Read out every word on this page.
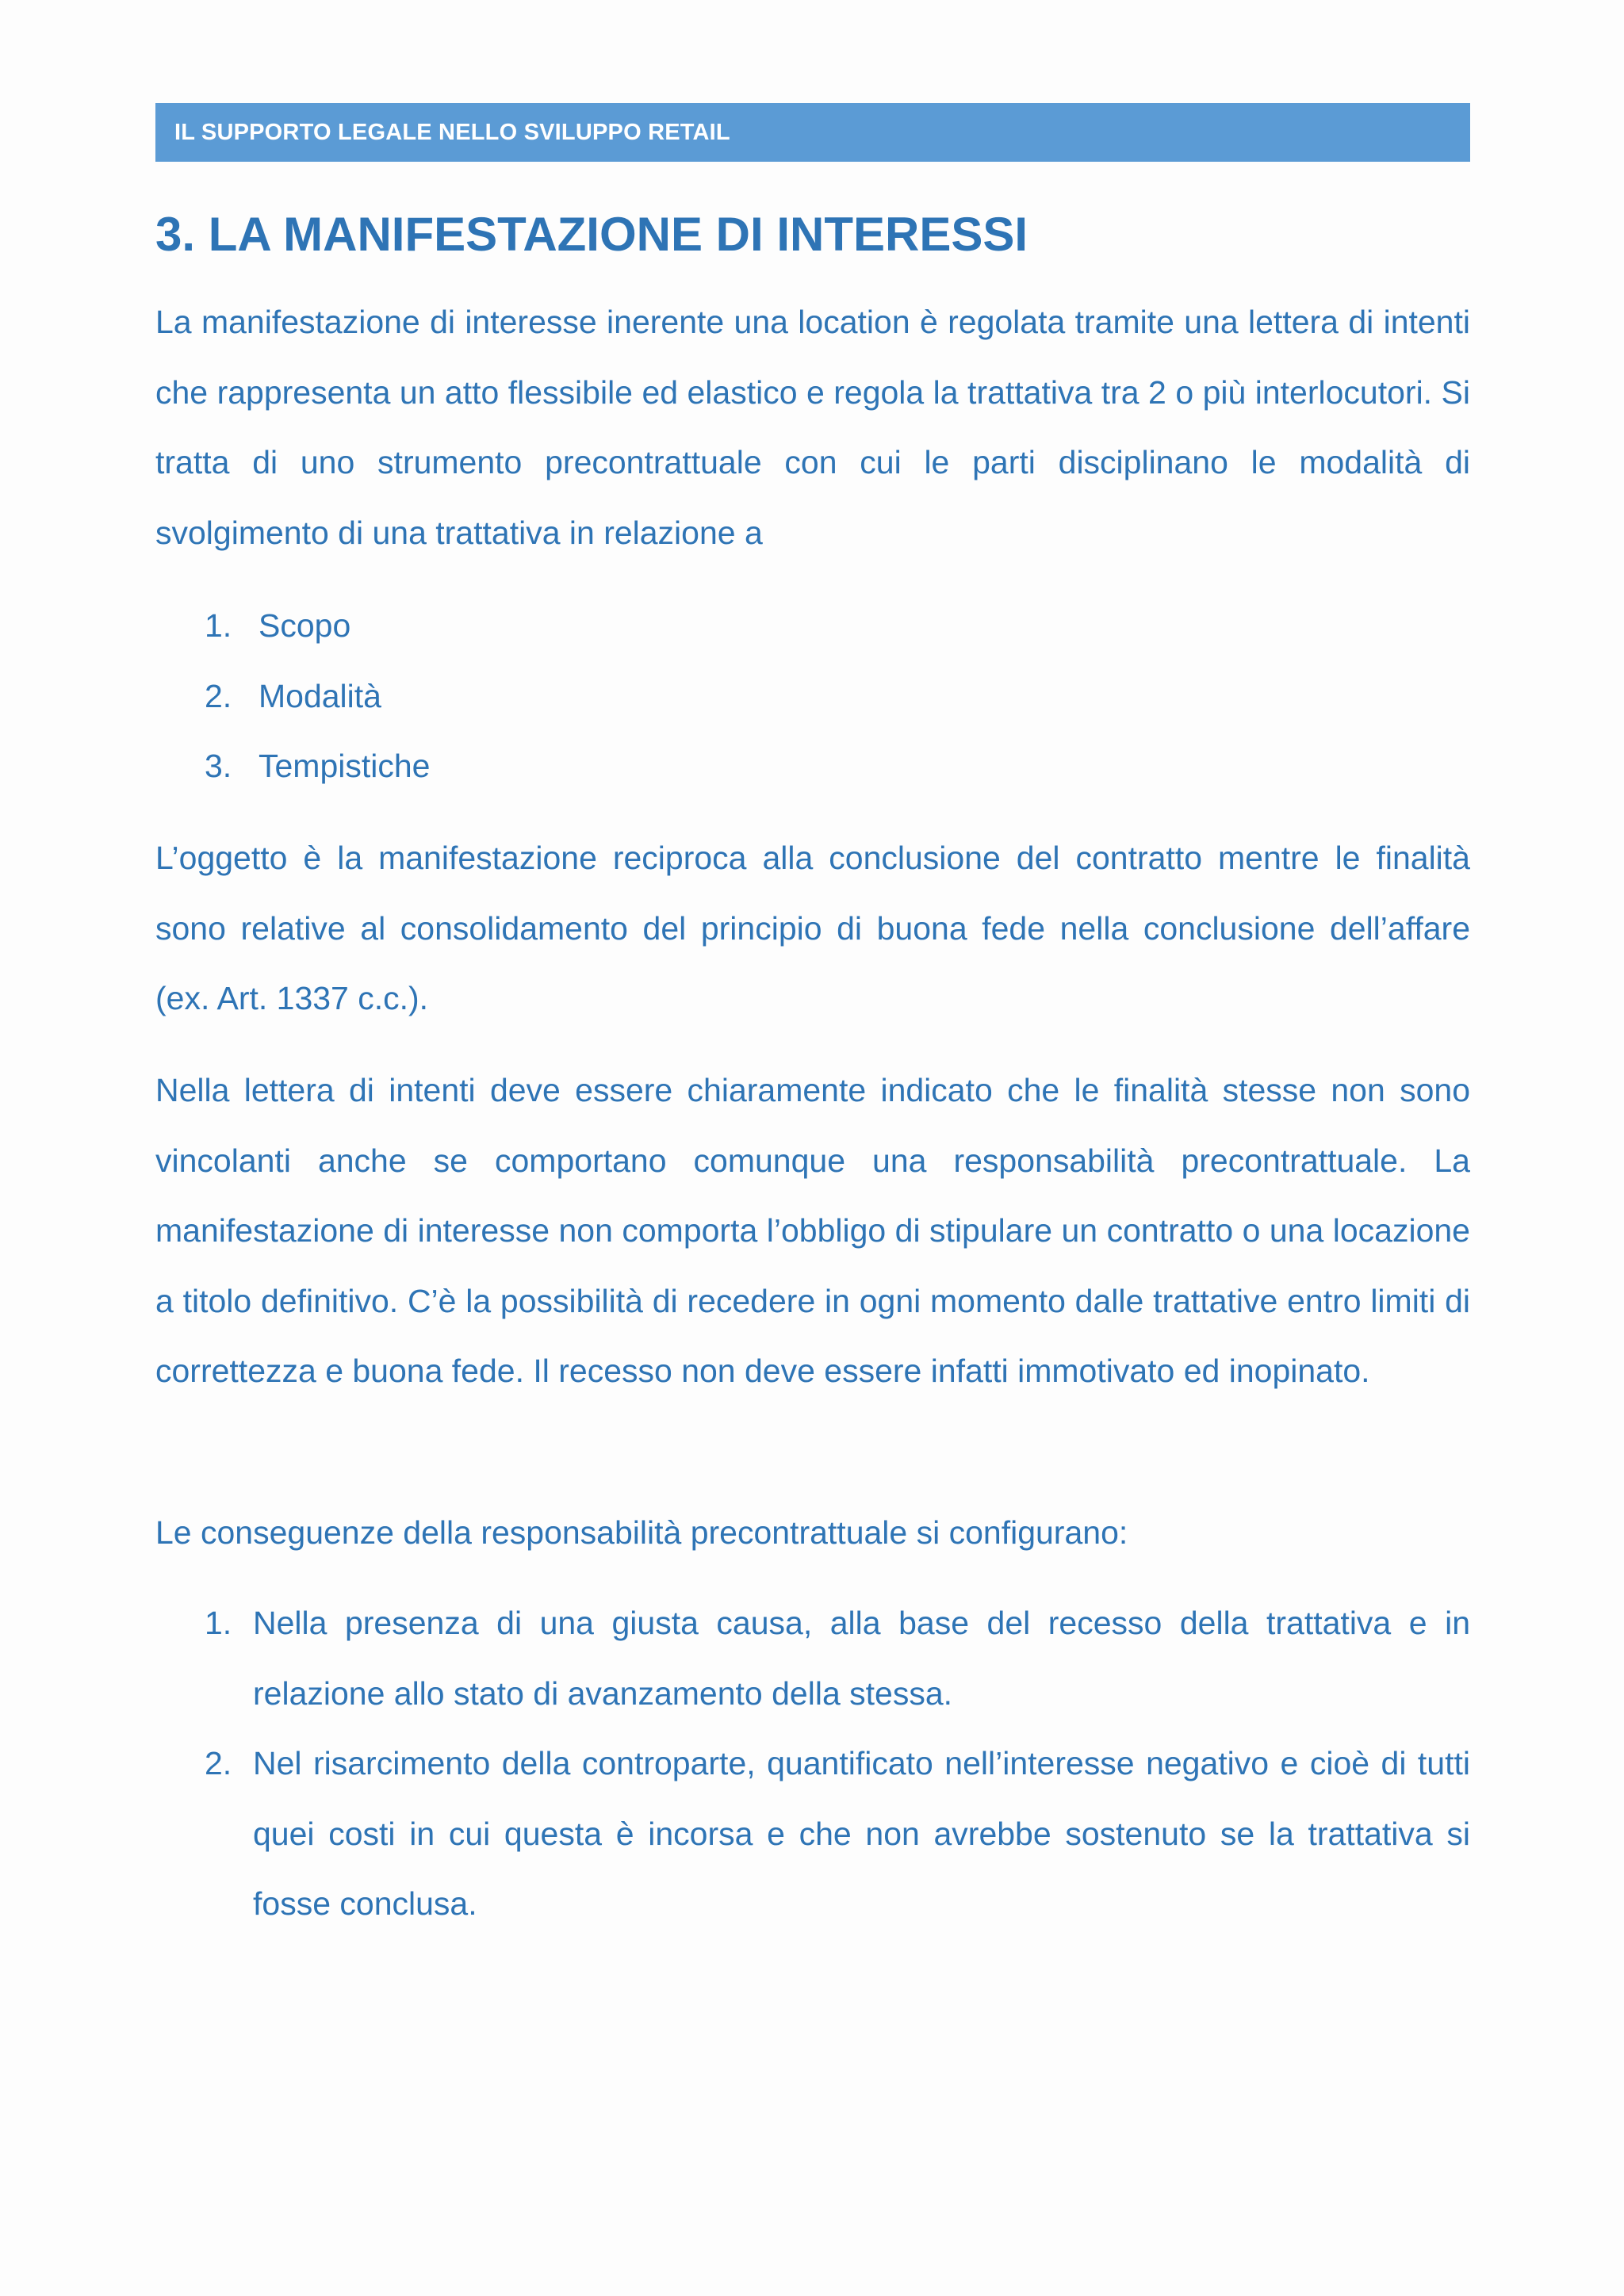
IL SUPPORTO LEGALE NELLO SVILUPPO RETAIL
3. LA MANIFESTAZIONE DI INTERESSI

La manifestazione di interesse inerente una location è regolata tramite una lettera di intenti che rappresenta un atto flessibile ed elastico e regola la trattativa tra 2 o più interlocutori. Si tratta di uno strumento precontrattuale con cui le parti disciplinano le modalità di svolgimento di una trattativa in relazione a

1. Scopo
2. Modalità
3. Tempistiche

L’oggetto è la manifestazione reciproca alla conclusione del contratto mentre le finalità sono relative al consolidamento del principio di buona fede nella conclusione dell’affare (ex. Art. 1337 c.c.).

Nella lettera di intenti deve essere chiaramente indicato che le finalità stesse non sono vincolanti anche se comportano comunque una responsabilità precontrattuale. La manifestazione di interesse non comporta l’obbligo di stipulare un contratto o una locazione a titolo definitivo. C’è la possibilità di recedere in ogni momento dalle trattative entro limiti di correttezza e buona fede. Il recesso non deve essere infatti immotivato ed inopinato.

Le conseguenze della responsabilità precontrattuale si configurano:

1. Nella presenza di una giusta causa, alla base del recesso della trattativa e in relazione allo stato di avanzamento della stessa.
2. Nel risarcimento della controparte, quantificato nell’interesse negativo e cioè di tutti quei costi in cui questa è incorsa e che non avrebbe sostenuto se la trattativa si fosse conclusa.
